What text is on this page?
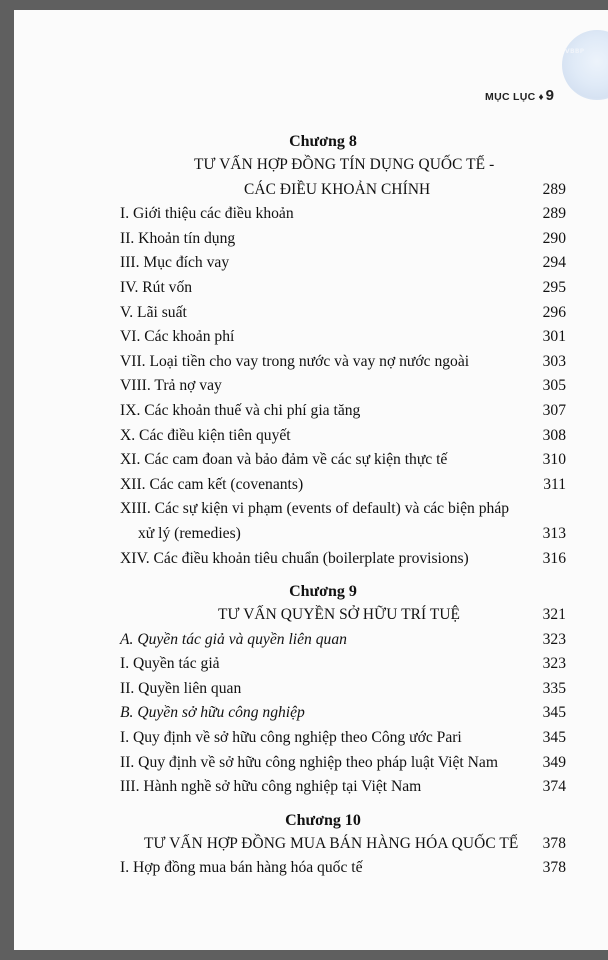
VBBP
MỤC LỤC ♦ 9
Chương 8
TƯ VẤN HỢP ĐỒNG TÍN DỤNG QUỐC TẾ -
CÁC ĐIỀU KHOẢN CHÍNH	289
I. Giới thiệu các điều khoản	289
II. Khoản tín dụng	290
III. Mục đích vay	294
IV. Rút vốn	295
V. Lãi suất	296
VI. Các khoản phí	301
VII. Loại tiền cho vay trong nước và vay nợ nước ngoài	303
VIII. Trả nợ vay	305
IX. Các khoản thuế và chi phí gia tăng	307
X. Các điều kiện tiên quyết	308
XI. Các cam đoan và bảo đảm về các sự kiện thực tế	310
XII. Các cam kết (covenants)	311
XIII. Các sự kiện vi phạm (events of default) và các biện pháp
xử lý (remedies)	313
XIV. Các điều khoản tiêu chuẩn (boilerplate provisions)	316
Chương 9
TƯ VẤN QUYỀN SỞ HỮU TRÍ TUỆ	321
A. Quyền tác giả và quyền liên quan	323
I. Quyền tác giả	323
II. Quyền liên quan	335
B. Quyền sở hữu công nghiệp	345
I. Quy định về sở hữu công nghiệp theo Công ước Pari	345
II. Quy định về sở hữu công nghiệp theo pháp luật Việt Nam	349
III. Hành nghề sở hữu công nghiệp tại Việt Nam	374
Chương 10
TƯ VẤN HỢP ĐỒNG MUA BÁN HÀNG HÓA QUỐC TẾ 378
I. Hợp đồng mua bán hàng hóa quốc tế	378
